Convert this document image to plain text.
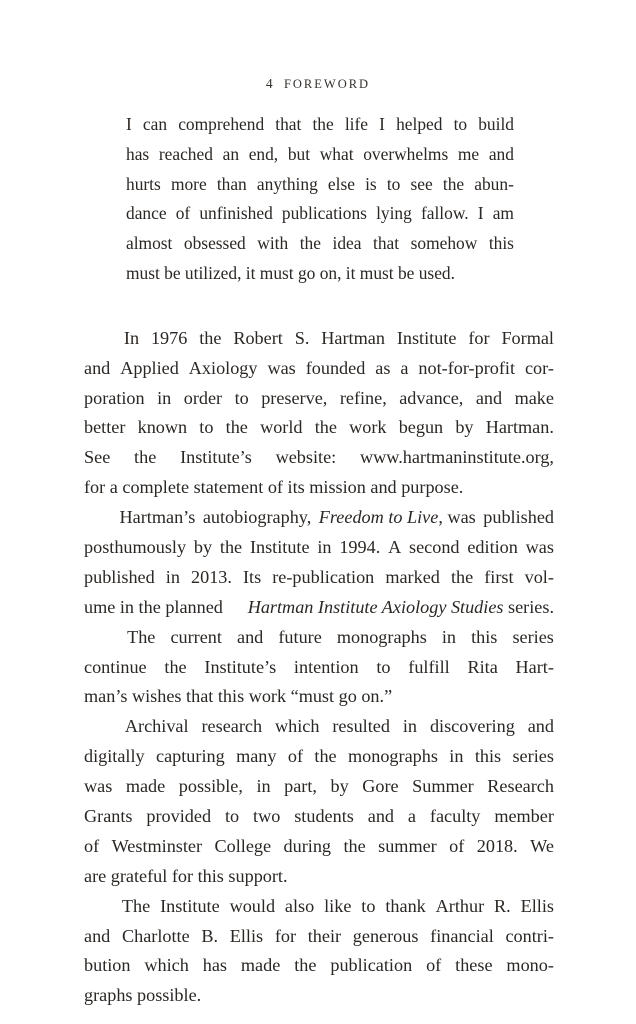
4 FOREWORD
I can comprehend that the life I helped to build
has reached an end, but what overwhelms me and
hurts more than anything else is to see the abun-
dance of unfinished publications lying fallow. I am
almost obsessed with the idea that somehow this
must be utilized, it must go on, it must be used.
In 1976 the Robert S. Hartman Institute for Formal
and Applied Axiology was founded as a not-for-profit cor-
poration in order to preserve, refine, advance, and make
better known to the world the work begun by Hartman.
See the Institute’s website: www.hartmaninstitute.org,
for a complete statement of its mission and purpose.
Hartman’s autobiography, Freedom to Live, was published
posthumously by the Institute in 1994. A second edition was
published in 2013. Its re-publication marked the first vol-
ume in the planned Hartman Institute Axiology Studies series.
The current and future monographs in this series
continue the Institute’s intention to fulfill Rita Hart-
man’s wishes that this work “must go on.”
Archival research which resulted in discovering and
digitally capturing many of the monographs in this series
was made possible, in part, by Gore Summer Research
Grants provided to two students and a faculty member
of Westminster College during the summer of 2018. We
are grateful for this support.
The Institute would also like to thank Arthur R. Ellis
and Charlotte B. Ellis for their generous financial contri-
bution which has made the publication of these mono-
graphs possible.
